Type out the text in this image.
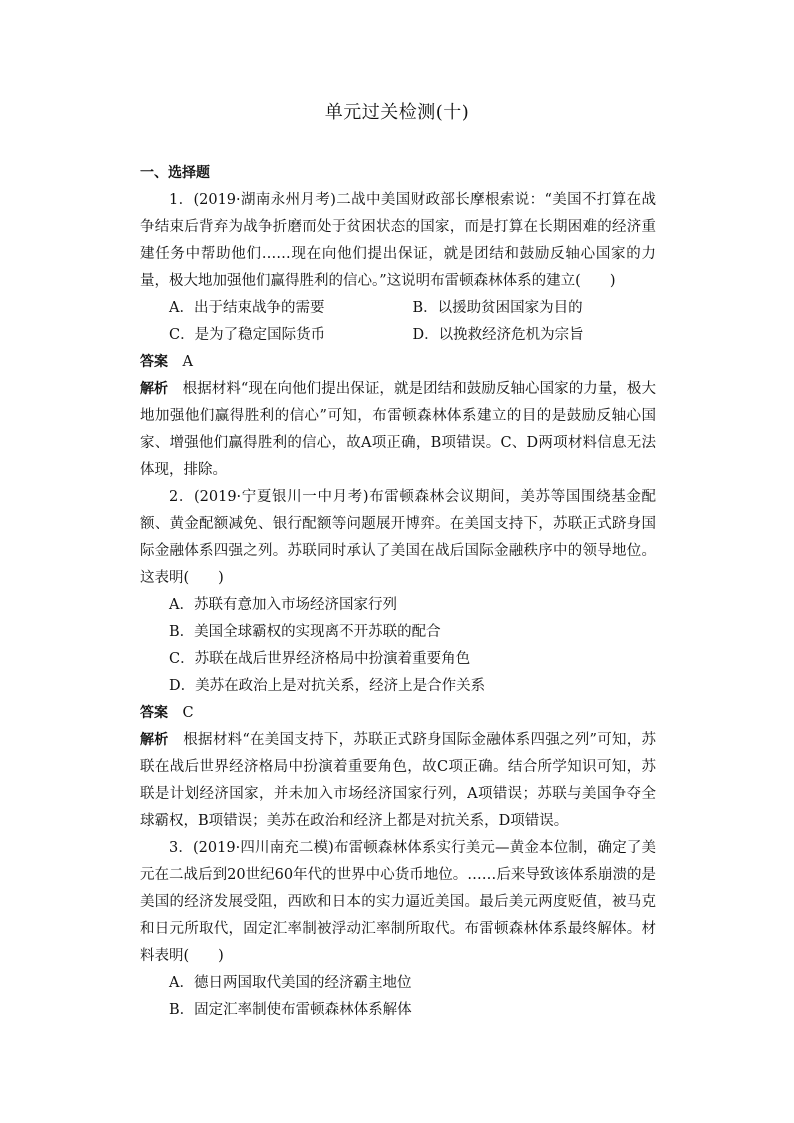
单元过关检测(十)
一、选择题

1．(2019·湖南永州月考)二战中美国财政部长摩根索说：“美国不打算在战争结束后背弃为战争折磨而处于贫困状态的国家，而是打算在长期困难的经济重建任务中帮助他们……现在向他们提出保证，就是团结和鼓励反轴心国家的力量，极大地加强他们赢得胜利的信心。”这说明布雷顿森林体系的建立(　　)

A．出于结束战争的需要	B．以援助贫困国家为目的
C．是为了稳定国际货币	D．以挽救经济危机为宗旨
答案  A

解析  根据材料“现在向他们提出保证，就是团结和鼓励反轴心国家的力量，极大地加强他们赢得胜利的信心”可知，布雷顿森林体系建立的目的是鼓励反轴心国家、增强他们赢得胜利的信心，故A项正确，B项错误。C、D两项材料信息无法体现，排除。

2．(2019·宁夏银川一中月考)布雷顿森林会议期间，美苏等国围绕基金配额、黄金配额减免、银行配额等问题展开博弈。在美国支持下，苏联正式跻身国际金融体系四强之列。苏联同时承认了美国在战后国际金融秩序中的领导地位。这表明(　　)

A．苏联有意加入市场经济国家行列
B．美国全球霸权的实现离不开苏联的配合
C．苏联在战后世界经济格局中扮演着重要角色
D．美苏在政治上是对抗关系，经济上是合作关系
答案  C

解析  根据材料“在美国支持下，苏联正式跻身国际金融体系四强之列”可知，苏联在战后世界经济格局中扮演着重要角色，故C项正确。结合所学知识可知，苏联是计划经济国家，并未加入市场经济国家行列，A项错误；苏联与美国争夺全球霸权，B项错误；美苏在政治和经济上都是对抗关系，D项错误。

3．(2019·四川南充二模)布雷顿森林体系实行美元—黄金本位制，确定了美元在二战后到20世纪60年代的世界中心货币地位。……后来导致该体系崩溃的是美国的经济发展受阻，西欧和日本的实力逼近美国。最后美元两度贬值，被马克和日元所取代，固定汇率制被浮动汇率制所取代。布雷顿森林体系最终解体。材料表明(　　)

A．德日两国取代美国的经济霸主地位
B．固定汇率制使布雷顿森林体系解体
